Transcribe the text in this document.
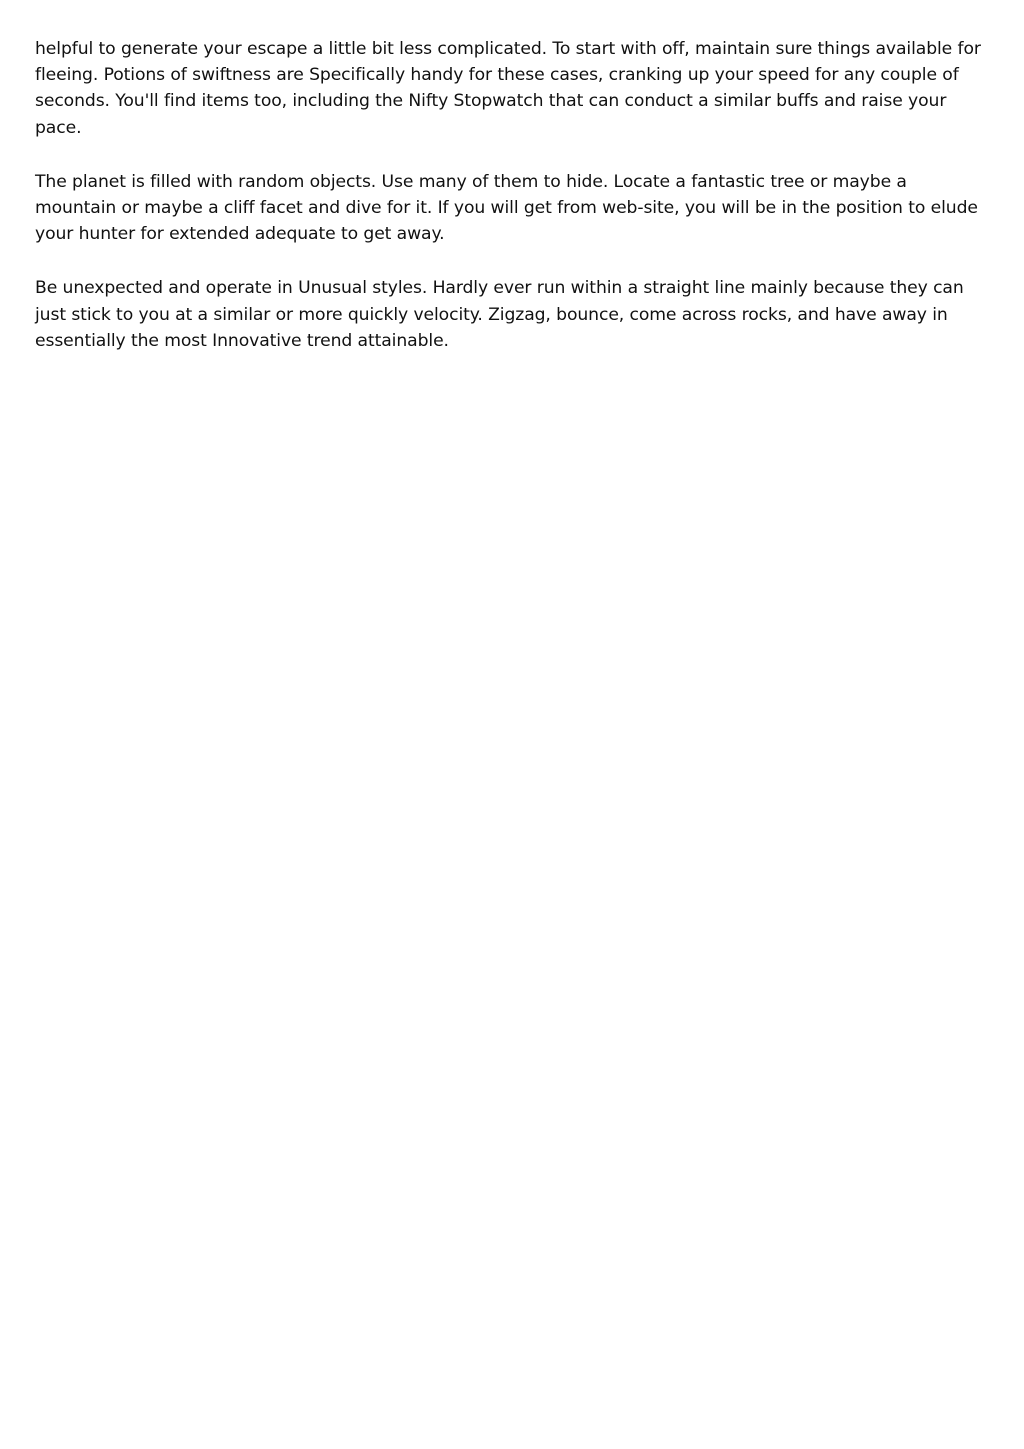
helpful to generate your escape a little bit less complicated. To start with off, maintain sure things available for fleeing. Potions of swiftness are Specifically handy for these cases, cranking up your speed for any couple of seconds. You'll find items too, including the Nifty Stopwatch that can conduct a similar buffs and raise your pace.

The planet is filled with random objects. Use many of them to hide. Locate a fantastic tree or maybe a mountain or maybe a cliff facet and dive for it. If you will get from web-site, you will be in the position to elude your hunter for extended adequate to get away.

Be unexpected and operate in Unusual styles. Hardly ever run within a straight line mainly because they can just stick to you at a similar or more quickly velocity. Zigzag, bounce, come across rocks, and have away in essentially the most Innovative trend attainable.
